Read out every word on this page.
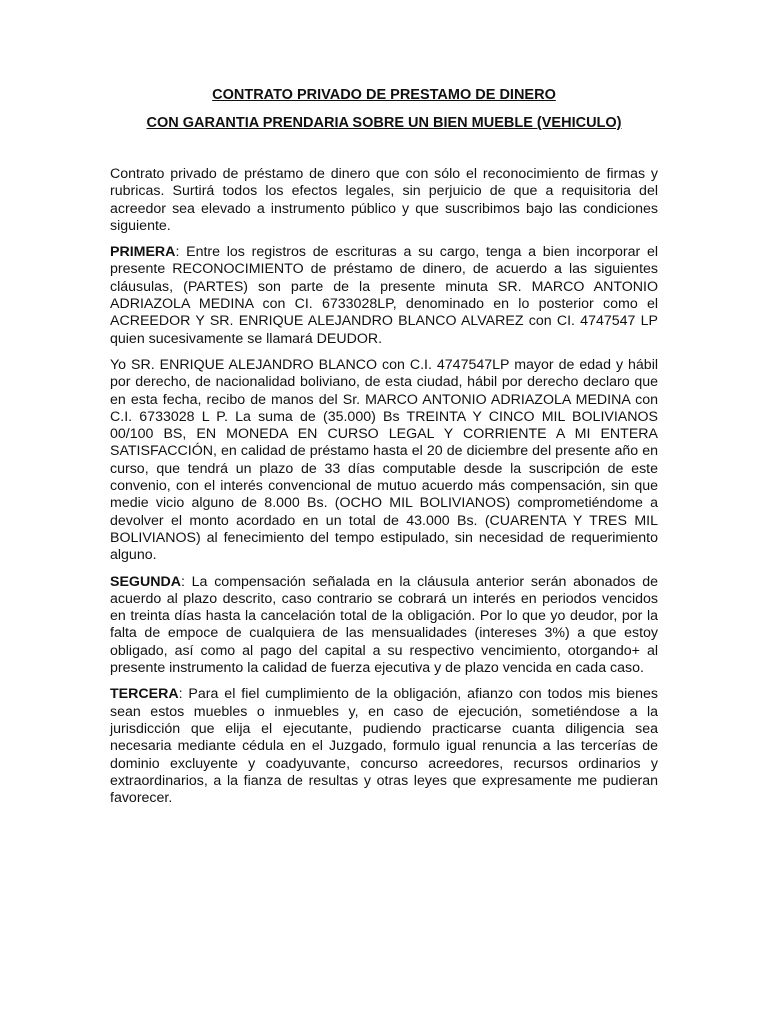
CONTRATO PRIVADO DE PRESTAMO DE DINERO

CON GARANTIA PRENDARIA SOBRE UN BIEN MUEBLE (VEHICULO)

Contrato privado de préstamo de dinero que con sólo el reconocimiento de firmas y rubricas. Surtirá todos los efectos legales, sin perjuicio de que a requisitoria del acreedor sea elevado a instrumento público y que suscribimos bajo las condiciones siguiente.

PRIMERA: Entre los registros de escrituras a su cargo, tenga a bien incorporar el presente RECONOCIMIENTO de préstamo de dinero, de acuerdo a las siguientes cláusulas, (PARTES) son parte de la presente minuta SR. MARCO ANTONIO ADRIAZOLA MEDINA con CI. 6733028LP, denominado en lo posterior como el ACREEDOR Y SR. ENRIQUE ALEJANDRO BLANCO ALVAREZ con CI. 4747547 LP quien sucesivamente se llamará DEUDOR.

Yo SR. ENRIQUE ALEJANDRO BLANCO con C.I. 4747547LP mayor de edad y hábil por derecho, de nacionalidad boliviano, de esta ciudad, hábil por derecho declaro que en esta fecha, recibo de manos del Sr. MARCO ANTONIO ADRIAZOLA MEDINA con C.I. 6733028 L P. La suma de (35.000) Bs TREINTA Y CINCO MIL BOLIVIANOS 00/100 BS, EN MONEDA EN CURSO LEGAL Y CORRIENTE A MI ENTERA SATISFACCIÓN, en calidad de préstamo hasta el 20 de diciembre del presente año en curso, que tendrá un plazo de 33 días computable desde la suscripción de este convenio, con el interés convencional de mutuo acuerdo más compensación, sin que medie vicio alguno de 8.000 Bs. (OCHO MIL BOLIVIANOS) comprometiéndome a devolver el monto acordado en un total de 43.000 Bs. (CUARENTA Y TRES MIL BOLIVIANOS) al fenecimiento del tempo estipulado, sin necesidad de requerimiento alguno.

SEGUNDA: La compensación señalada en la cláusula anterior serán abonados de acuerdo al plazo descrito, caso contrario se cobrará un interés en periodos vencidos en treinta días hasta la cancelación total de la obligación. Por lo que yo deudor, por la falta de empoce de cualquiera de las mensualidades (intereses 3%) a que estoy obligado, así como al pago del capital a su respectivo vencimiento, otorgando+ al presente instrumento la calidad de fuerza ejecutiva y de plazo vencida en cada caso.

TERCERA: Para el fiel cumplimiento de la obligación, afianzo con todos mis bienes sean estos muebles o inmuebles y, en caso de ejecución, sometiéndose a la jurisdicción que elija el ejecutante, pudiendo practicarse cuanta diligencia sea necesaria mediante cédula en el Juzgado, formulo igual renuncia a las tercerías de dominio excluyente y coadyuvante, concurso acreedores, recursos ordinarios y extraordinarios, a la fianza de resultas y otras leyes que expresamente me pudieran favorecer.
